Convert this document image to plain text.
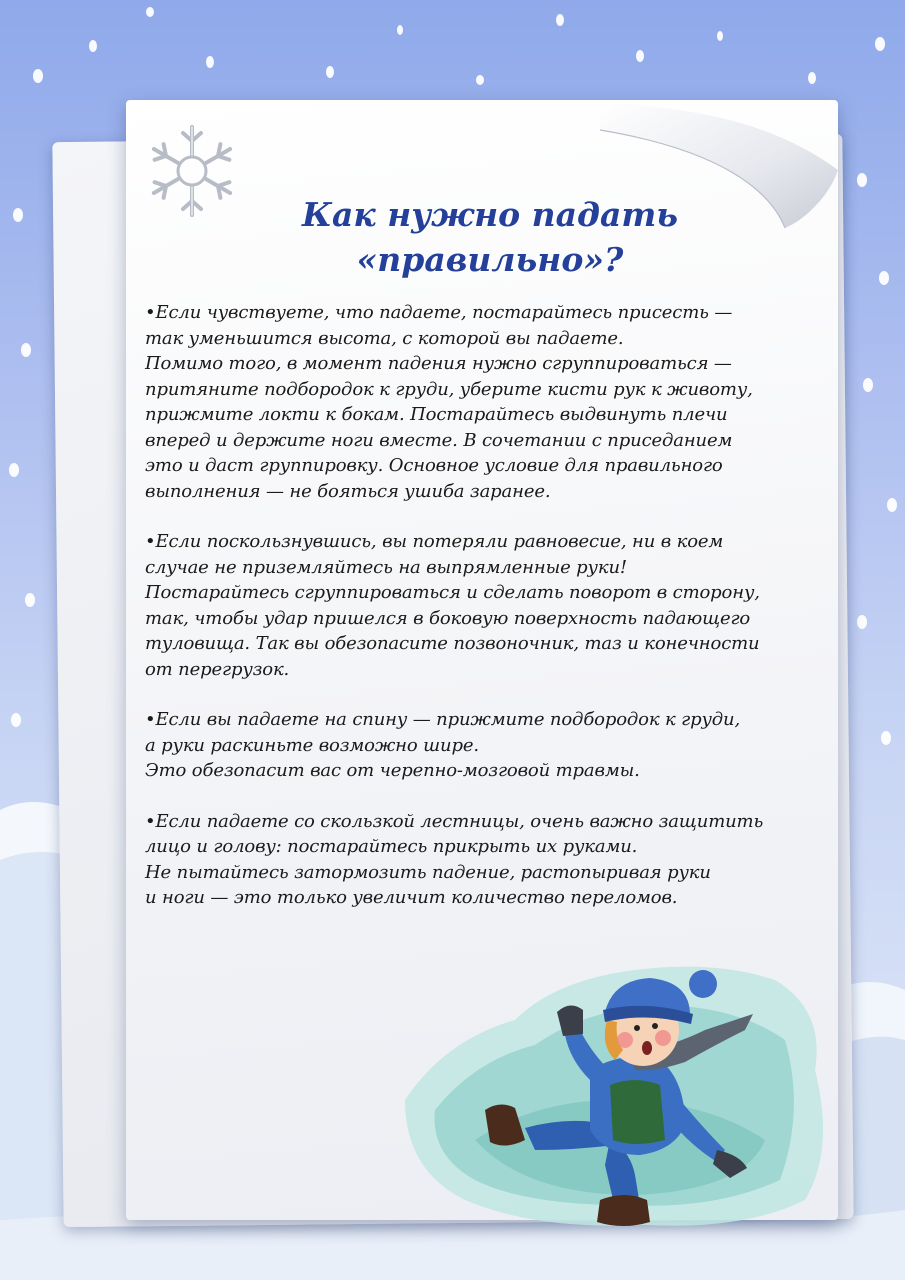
Как нужно падать
«правильно»?
•Если чувствуете, что падаете, постарайтесь присесть —
так уменьшится высота, с которой вы падаете.
Помимо того, в момент падения нужно сгруппироваться —
притяните подбородок к груди, уберите кисти рук к животу,
прижмите локти к бокам. Постарайтесь выдвинуть плечи
вперед и держите ноги вместе. В сочетании с приседанием
это и даст группировку. Основное условие для правильного
выполнения — не бояться ушиба заранее.
•Если поскользнувшись, вы потеряли равновесие, ни в коем
случае не приземляйтесь на выпрямленные руки!
Постарайтесь сгруппироваться и сделать поворот в сторону,
так, чтобы удар пришелся в боковую поверхность падающего
туловища. Так вы обезопасите позвоночник, таз и конечности
от перегрузок.
•Если вы падаете на спину — прижмите подбородок к груди,
а руки раскиньте возможно шире.
Это обезопасит вас от черепно-мозговой травмы.
•Если падаете со скользкой лестницы, очень важно защитить
лицо и голову: постарайтесь прикрыть их руками.
Не пытайтесь затормозить падение, растопыривая руки
и ноги — это только увеличит количество переломов.
